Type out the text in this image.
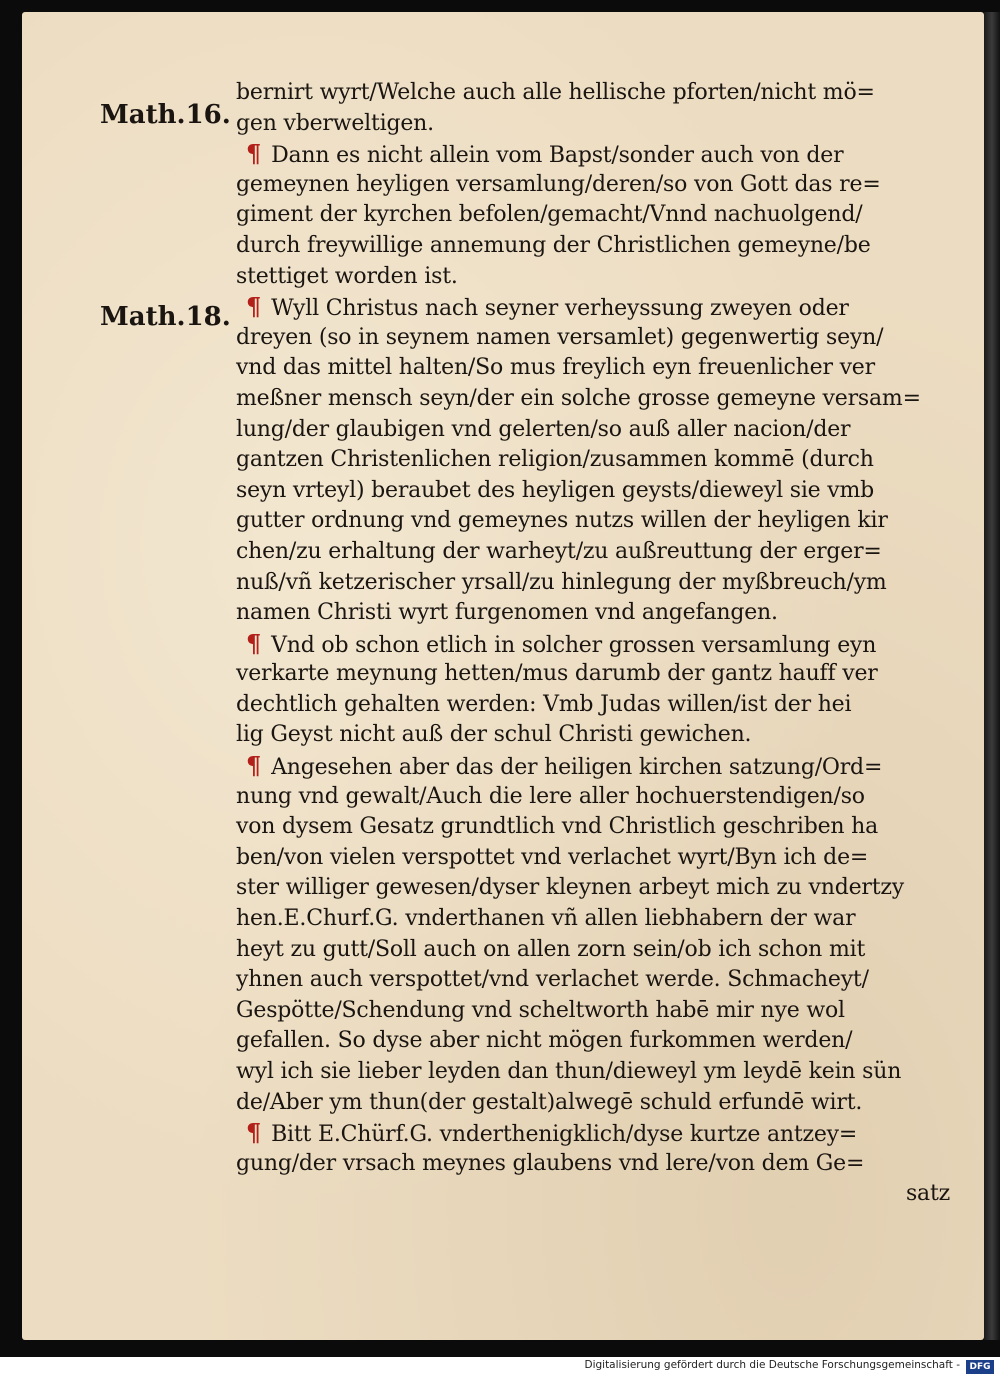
Math.16.
Math.18.
bernirt wyrt/Welche auch alle hellische pforten/nicht mö=
gen vberweltigen.
¶ Dann es nicht allein vom Bapst/sonder auch von der
gemeynen heyligen versamlung/deren/so von Gott das re=
giment der kyrchen befolen/gemacht/Vnnd nachuolgend/
durch freywillige annemung der Christlichen gemeyne/be
stettiget worden ist.
¶ Wyll Christus nach seyner verheyssung zweyen oder
dreyen (so in seynem namen versamlet) gegenwertig seyn/
vnd das mittel halten/So mus freylich eyn freuenlicher ver
meßner mensch seyn/der ein solche grosse gemeyne versam=
lung/der glaubigen vnd gelerten/so auß aller nacion/der
gantzen Christenlichen religion/zusammen kommē (durch
seyn vrteyl) beraubet des heyligen geysts/dieweyl sie vmb
gutter ordnung vnd gemeynes nutzs willen der heyligen kir
chen/zu erhaltung der warheyt/zu außreuttung der erger=
nuß/vñ ketzerischer yrsall/zu hinlegung der myßbreuch/ym
namen Christi wyrt furgenomen vnd angefangen.
¶ Vnd ob schon etlich in solcher grossen versamlung eyn
verkarte meynung hetten/mus darumb der gantz hauff ver
dechtlich gehalten werden: Vmb Judas willen/ist der hei
lig Geyst nicht auß der schul Christi gewichen.
¶ Angesehen aber das der heiligen kirchen satzung/Ord=
nung vnd gewalt/Auch die lere aller hochuerstendigen/so
von dysem Gesatz grundtlich vnd Christlich geschriben ha
ben/von vielen verspottet vnd verlachet wyrt/Byn ich de=
ster williger gewesen/dyser kleynen arbeyt mich zu vndertzy
hen.E.Churf.G. vnderthanen vñ allen liebhabern der war
heyt zu gutt/Soll auch on allen zorn sein/ob ich schon mit
yhnen auch verspottet/vnd verlachet werde. Schmacheyt/
Gespötte/Schendung vnd scheltworth habē mir nye wol
gefallen. So dyse aber nicht mögen furkommen werden/
wyl ich sie lieber leyden dan thun/dieweyl ym leydē kein sün
de/Aber ym thun(der gestalt)alwegē schuld erfundē wirt.
¶ Bitt E.Chürf.G. vnderthenigklich/dyse kurtze antzey=
gung/der vrsach meynes glaubens vnd lere/von dem Ge=
satz
Digitalisierung gefördert durch die Deutsche Forschungsgemeinschaft -	DFG
